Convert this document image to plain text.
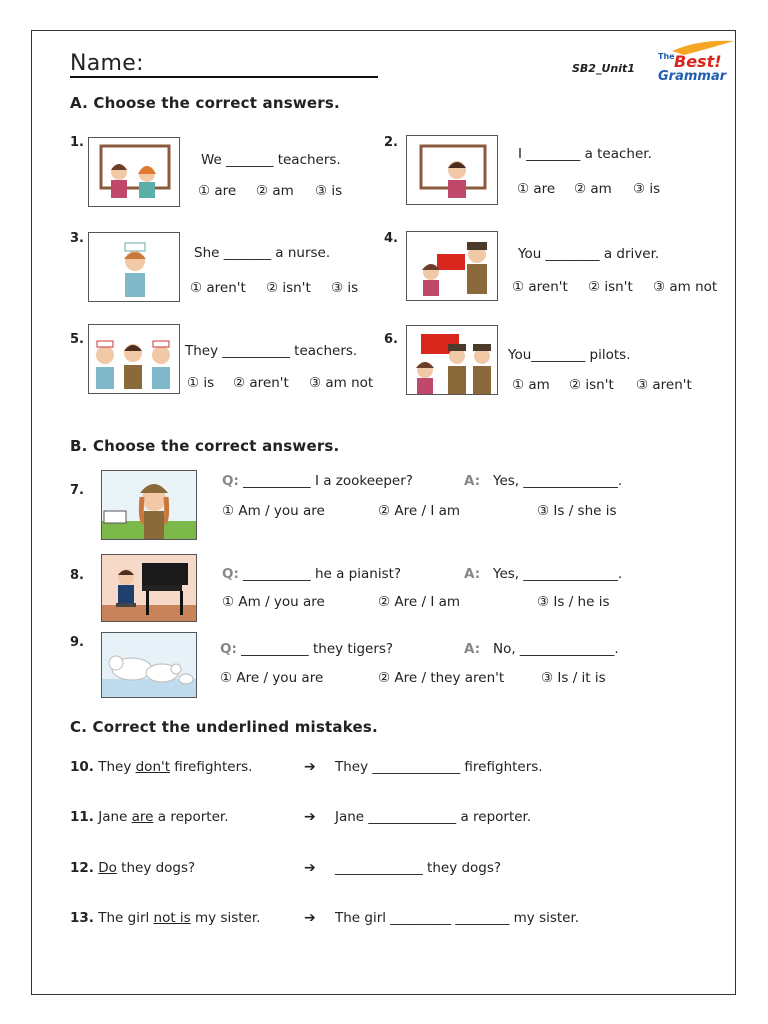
Name:	SB2_Unit1
The Best!
Grammar
A. Choose the correct answers.
1.
We _______ teachers.
① are ② am ③ is
2.
I ________ a teacher.
① are ② am ③ is
3.
She _______ a nurse.
① aren't ② isn't ③ is
4.
You ________ a driver.
① aren't ② isn't ③ am not
5.
They __________ teachers.
① is ② aren't ③ am not
6.
You________ pilots.
① am ② isn't ③ aren't
B. Choose the correct answers.
7.
Q: __________ I a zookeeper?	A: Yes, ______________.
① Am / you are	② Are / I am	③ Is / she is
8.	Q: __________ he a pianist?	A: Yes, ______________.
① Am / you are	② Are / I am	③ Is / he is
9.	Q: __________ they tigers?	A: No, ______________.
① Are / you are	② Are / they aren't	③ Is / it is
C. Correct the underlined mistakes.
10. They don't firefighters.	➔ They _____________ firefighters.
11. Jane are a reporter.	➔ Jane _____________ a reporter.
12. Do they dogs?	➔ _____________ they dogs?
13. The girl not is my sister.	➔ The girl _________ ________ my sister.
